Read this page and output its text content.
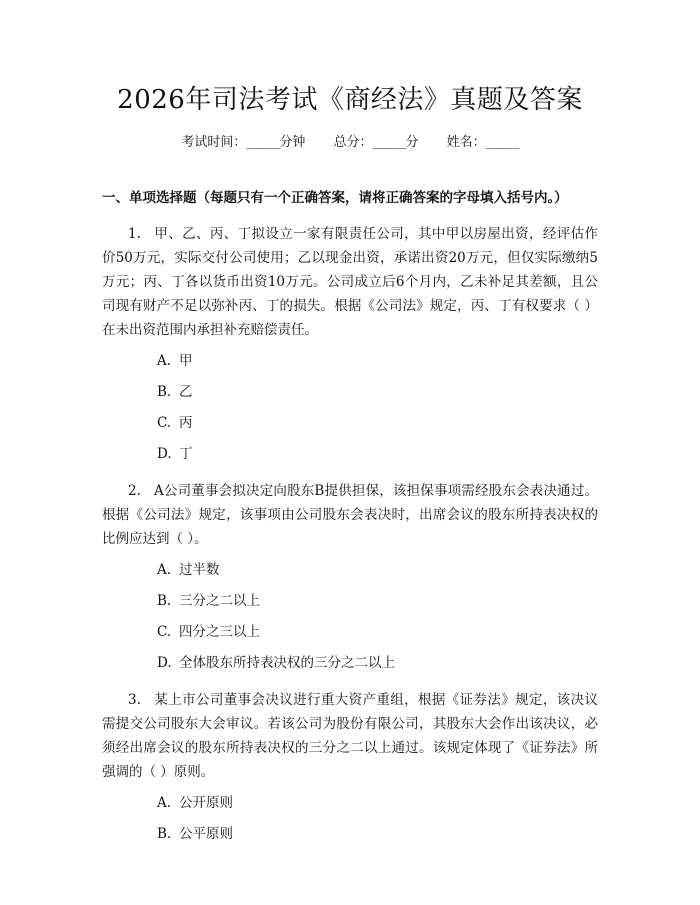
2026年司法考试《商经法》真题及答案
考试时间：______分钟 总分：______分 姓名：______
一、单项选择题（每题只有一个正确答案，请将正确答案的字母填入括号内。）
1. 甲、乙、丙、丁拟设立一家有限责任公司，其中甲以房屋出资，经评估作价50万元，实际交付公司使用；乙以现金出资，承诺出资20万元，但仅实际缴纳5万元；丙、丁各以货币出资10万元。公司成立后6个月内，乙未补足其差额，且公司现有财产不足以弥补丙、丁的损失。根据《公司法》规定，丙、丁有权要求（ ）在未出资范围内承担补充赔偿责任。
A. 甲
B. 乙
C. 丙
D. 丁
2. A公司董事会拟决定向股东B提供担保，该担保事项需经股东会表决通过。根据《公司法》规定，该事项由公司股东会表决时，出席会议的股东所持表决权的比例应达到（ ）。
A. 过半数
B. 三分之二以上
C. 四分之三以上
D. 全体股东所持表决权的三分之二以上
3. 某上市公司董事会决议进行重大资产重组，根据《证券法》规定，该决议需提交公司股东大会审议。若该公司为股份有限公司，其股东大会作出该决议，必须经出席会议的股东所持表决权的三分之二以上通过。该规定体现了《证券法》所强调的（ ）原则。
A. 公开原则
B. 公平原则
